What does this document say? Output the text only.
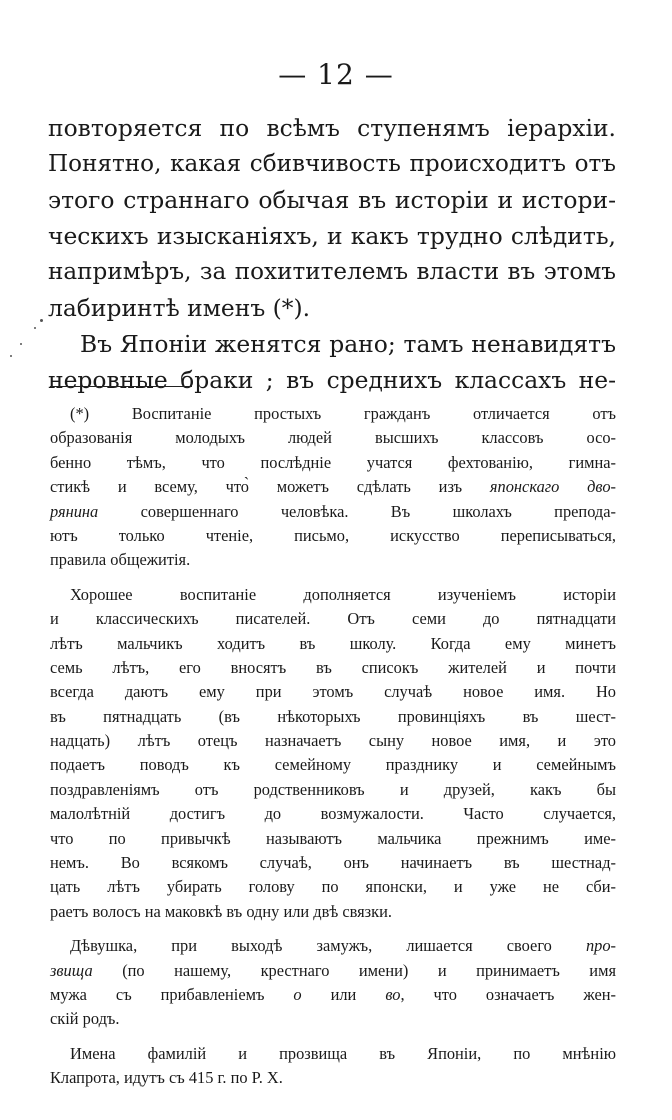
— 12 —
повторяется по всѣмъ ступенямъ іерархіи.
Понятно, какая сбивчивость происходитъ отъ
этого страннаго обычая въ исторіи и истори-
ческихъ изысканіяхъ, и какъ трудно слѣдить,
напримѣръ, за похитителемъ власти въ этомъ
лабиринтѣ именъ (*).
Въ Японіи женятся рано; тамъ ненавидятъ
неровные браки ; въ среднихъ классахъ не-
(*) Воспитаніе простыхъ гражданъ отличается отъ
образованія молодыхъ людей высшихъ классовъ осо-
бенно тѣмъ, что послѣдніе учатся фехтованію, гимна-
стикѣ и всему, что̀ можетъ сдѣлать изъ японскаго дво-
рянина	совершеннаго человѣка. Въ школахъ препода-
ютъ только чтеніе, письмо, искусство переписываться,
правила общежитія.
Хорошее воспитаніе дополняется изученіемъ исторіи
и классическихъ писателей. Отъ семи до пятнадцати
лѣтъ мальчикъ ходитъ въ школу. Когда ему минетъ
семь лѣтъ, его вносятъ въ списокъ жителей и почти
всегда даютъ ему при этомъ случаѣ новое имя. Но
въ пятнадцать (въ нѣкоторыхъ провинціяхъ въ шест-
надцать) лѣтъ отецъ назначаетъ сыну новое имя, и это
подаетъ поводъ къ семейному празднику и семейнымъ
поздравленіямъ отъ родственниковъ и друзей, какъ бы
малолѣтній достигъ до возмужалости. Часто случается,
что по привычкѣ называютъ мальчика прежнимъ име-
немъ. Во всякомъ случаѣ, онъ начинаетъ въ шестнад-
цать лѣтъ убирать голову по японски, и уже не сби-
раетъ волосъ на маковкѣ въ одну или двѣ связки.
Дѣвушка, при выходѣ замужъ, лишается своего про-
звища (по нашему, крестнаго имени) и принимаетъ имя
мужа съ прибавленіемъ о или во, что означаетъ жен-
скій родъ.
Имена фамилій и прозвища въ Японіи, по мнѣнію
Клапрота, идутъ съ 415 г. по Р. Х.
